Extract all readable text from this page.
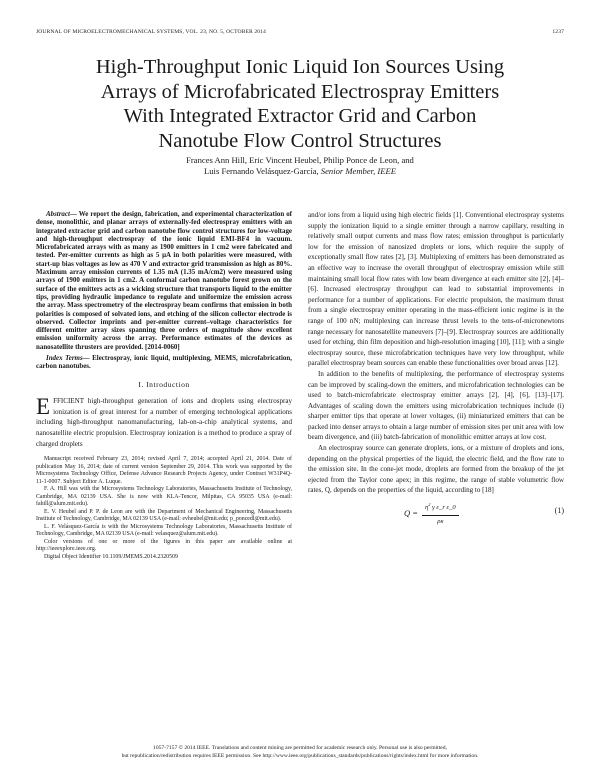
JOURNAL OF MICROELECTROMECHANICAL SYSTEMS, VOL. 23, NO. 5, OCTOBER 2014	1237
High-Throughput Ionic Liquid Ion Sources Using
Arrays of Microfabricated Electrospray Emitters
With Integrated Extractor Grid and Carbon
Nanotube Flow Control Structures
Frances Ann Hill, Eric Vincent Heubel, Philip Ponce de Leon, and
Luis Fernando Velásquez-García, Senior Member, IEEE

Abstract— We report the design, fabrication, and experimental characterization of dense, monolithic, and planar arrays of externally-fed electrospray emitters with an integrated extractor grid and carbon nanotube flow control structures for low-voltage and high-throughput electrospray of the ionic liquid EMI-BF4 in vacuum. Microfabricated arrays with as many as 1900 emitters in 1 cm2 were fabricated and tested. Per-emitter currents as high as 5 μA in both polarities were measured, with start-up bias voltages as low as 470 V and extractor grid transmission as high as 80%. Maximum array emission currents of 1.35 mA (1.35 mA/cm2) were measured using arrays of 1900 emitters in 1 cm2. A conformal carbon nanotube forest grown on the surface of the emitters acts as a wicking structure that transports liquid to the emitter tips, providing hydraulic impedance to regulate and uniformize the emission across the array. Mass spectrometry of the electrospray beam confirms that emission in both polarities is composed of solvated ions, and etching of the silicon collector electrode is observed. Collector imprints and per-emitter current–voltage characteristics for different emitter array sizes spanning three orders of magnitude show excellent emission uniformity across the array. Performance estimates of the devices as nanosatellite thrusters are provided. [2014-0060]

Index Terms— Electrospray, ionic liquid, multiplexing, MEMS, microfabrication, carbon nanotubes.

I. Introduction

EFFICIENT high-throughput generation of ions and droplets using electrospray ionization is of great interest for a number of emerging technological applications including high-throughput nanomanufacturing, lab-on-a-chip analytical systems, and nanosatellite electric propulsion. Electrospray ionization is a method to produce a spray of charged droplets

Manuscript received February 23, 2014; revised April 7, 2014; accepted April 21, 2014. Date of publication May 16, 2014; date of current version September 29, 2014. This work was supported by the Microsystems Technology Office, Defense Advance Research Projects Agency, under Contract W31P4Q-11-1-0007. Subject Editor A. Luque.

F. A. Hill was with the Microsystems Technology Laboratories, Massachusetts Institute of Technology, Cambridge, MA 02139 USA. She is now with KLA-Tencor, Milpitas, CA 95035 USA (e-mail: fahill@alum.mit.edu).

E. V. Heubel and P. P. de Leon are with the Department of Mechanical Engineering, Massachusetts Institute of Technology, Cambridge, MA 02139 USA (e-mail: evheubel@mit.edu; p_poncedl@mit.edu).

L. F. Velásquez-García is with the Microsystems Technology Laboratories, Massachusetts Institute of Technology, Cambridge, MA 02139 USA (e-mail: velasquez@alum.mit.edu).

Color versions of one or more of the figures in this paper are available online at http://ieeexplore.ieee.org.

Digital Object Identifier 10.1109/JMEMS.2014.2320509

and/or ions from a liquid using high electric fields [1]. Conventional electrospray systems supply the ionization liquid to a single emitter through a narrow capillary, resulting in relatively small output currents and mass flow rates; emission throughput is particularly low for the emission of nanosized droplets or ions, which require the supply of exceptionally small flow rates [2], [3]. Multiplexing of emitters has been demonstrated as an effective way to increase the overall throughput of electrospray emission while still maintaining small local flow rates with low beam divergence at each emitter site [2], [4]–[6]. Increased electrospray throughput can lead to substantial improvements in performance for a number of applications. For electric propulsion, the maximum thrust from a single electrospray emitter operating in the mass-efficient ionic regime is in the range of 100 nN; multiplexing can increase thrust levels to the tens-of-micronewtons range necessary for nanosatellite maneuvers [7]–[9]. Electrospray sources are additionally used for etching, thin film deposition and high-resolution imaging [10], [11]; with a single electrospray source, these microfabrication techniques have very low throughput, while parallel electrospray beam sources can enable these functionalities over broad areas [12].

In addition to the benefits of multiplexing, the performance of electrospray systems can be improved by scaling-down the emitters, and microfabrication technologies can be used to batch-microfabricate electrospray emitter arrays [2], [4], [6], [13]–[17]. Advantages of scaling down the emitters using microfabrication techniques include (i) sharper emitter tips that operate at lower voltages, (ii) miniaturized emitters that can be packed into denser arrays to obtain a large number of emission sites per unit area with low beam divergence, and (iii) batch-fabrication of monolithic emitter arrays at low cost.

An electrospray source can generate droplets, ions, or a mixture of droplets and ions, depending on the physical properties of the liquid, the electric field, and the flow rate to the emission site. In the cone-jet mode, droplets are formed from the breakup of the jet ejected from the Taylor cone apex; in this regime, the range of stable volumetric flow rates, Q, depends on the properties of the liquid, according to [18]

$Q = \frac{\eta^2 \gamma \varepsilon\_r \varepsilon\_0}{\rho\kappa}$	(1)
1057-7157 © 2014 IEEE. Translations and content mining are permitted for academic research only. Personal use is also permitted,
but republication/redistribution requires IEEE permission. See http://www.ieee.org/publications_standards/publications/rights/index.html for more information.
